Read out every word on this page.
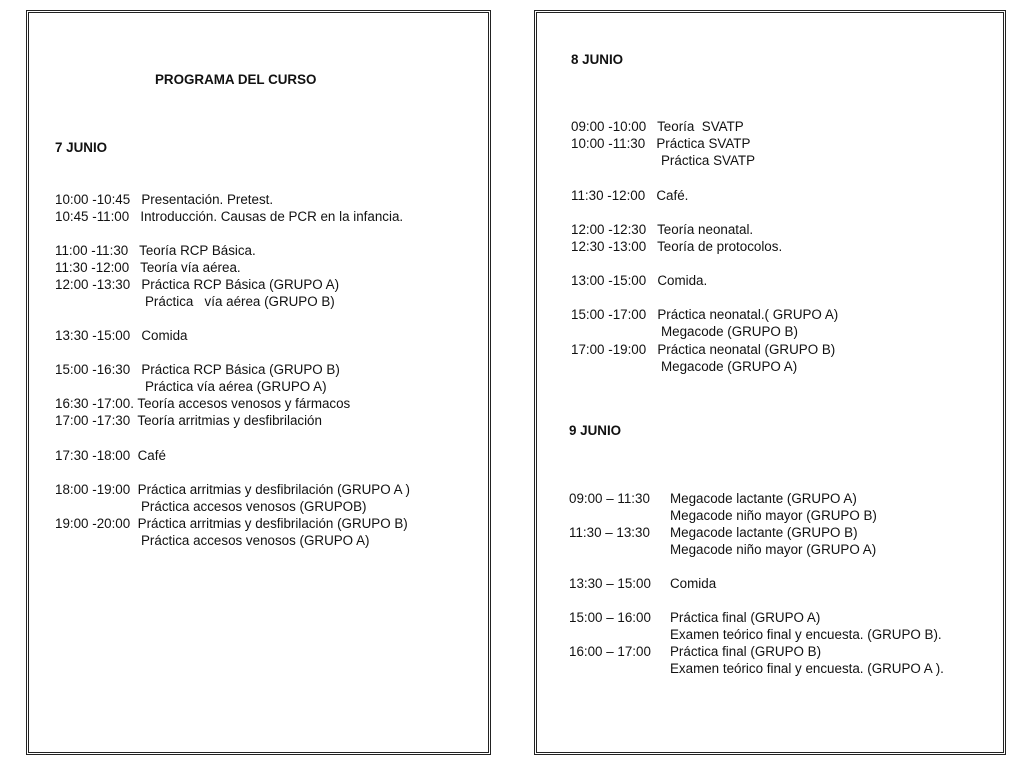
PROGRAMA DEL CURSO
7 JUNIO
10:00 -10:45   Presentación. Pretest.
10:45 -11:00   Introducción. Causas de PCR en la infancia.
11:00 -11:30   Teoría RCP Básica.
11:30 -12:00   Teoría vía aérea.
12:00 -13:30   Práctica RCP Básica (GRUPO A)
Práctica   vía aérea (GRUPO B)
13:30 -15:00   Comida
15:00 -16:30   Práctica RCP Básica (GRUPO B)
Práctica vía aérea (GRUPO A)
16:30 -17:00. Teoría accesos venosos y fármacos
17:00 -17:30  Teoría arritmias y desfibrilación
17:30 -18:00  Café
18:00 -19:00  Práctica arritmias y desfibrilación (GRUPO A )
Práctica accesos venosos (GRUPOB)
19:00 -20:00  Práctica arritmias y desfibrilación (GRUPO B)
Práctica accesos venosos (GRUPO A)
8 JUNIO
09:00 -10:00   Teoría  SVATP
10:00 -11:30   Práctica SVATP
Práctica SVATP
11:30 -12:00   Café.
12:00 -12:30   Teoría neonatal.
12:30 -13:00   Teoría de protocolos.
13:00 -15:00   Comida.
15:00 -17:00   Práctica neonatal.( GRUPO A)
Megacode (GRUPO B)
17:00 -19:00   Práctica neonatal (GRUPO B)
Megacode (GRUPO A)
9 JUNIO
09:00 – 11:30 Megacode lactante (GRUPO A)
Megacode niño mayor (GRUPO B)
11:30 – 13:30 Megacode lactante (GRUPO B)
Megacode niño mayor (GRUPO A)
13:30 – 15:00 Comida
15:00 – 16:00 Práctica final (GRUPO A)
Examen teórico final y encuesta. (GRUPO B).
16:00 – 17:00 Práctica final (GRUPO B)
Examen teórico final y encuesta. (GRUPO A ).
